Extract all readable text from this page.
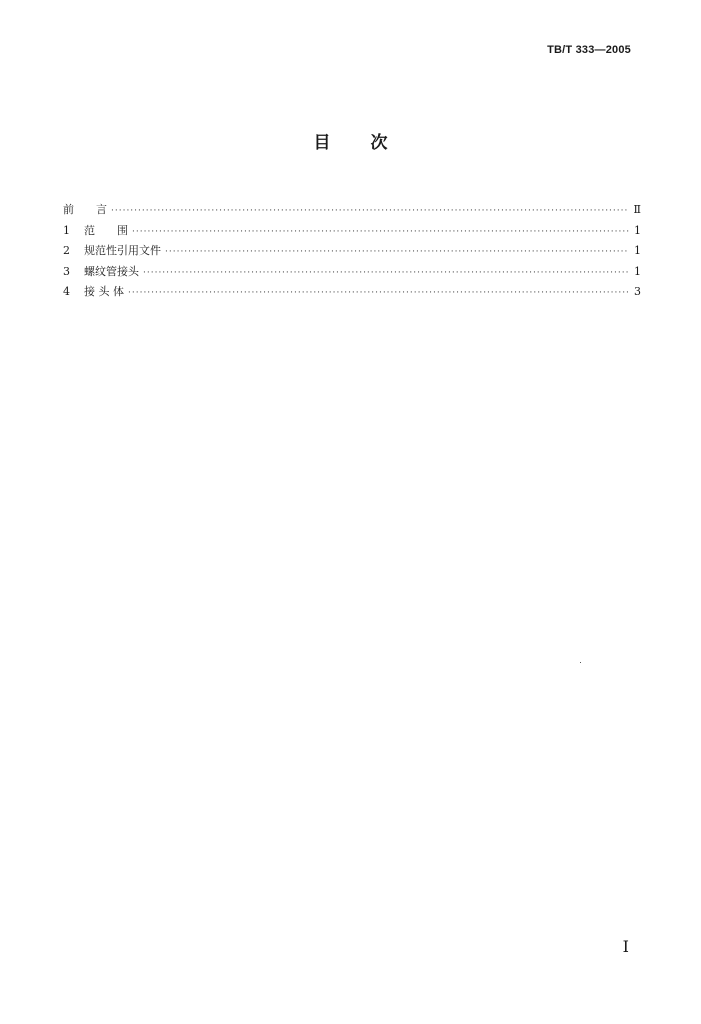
TB/T 333—2005
目 次
前　　言 ·····	Ⅱ
1	范　　围 ·····	1
2	规范性引用文件 ·····	1
3	螺纹管接头 ·····	1
4	接 头 体 ·····	3
Ⅰ
